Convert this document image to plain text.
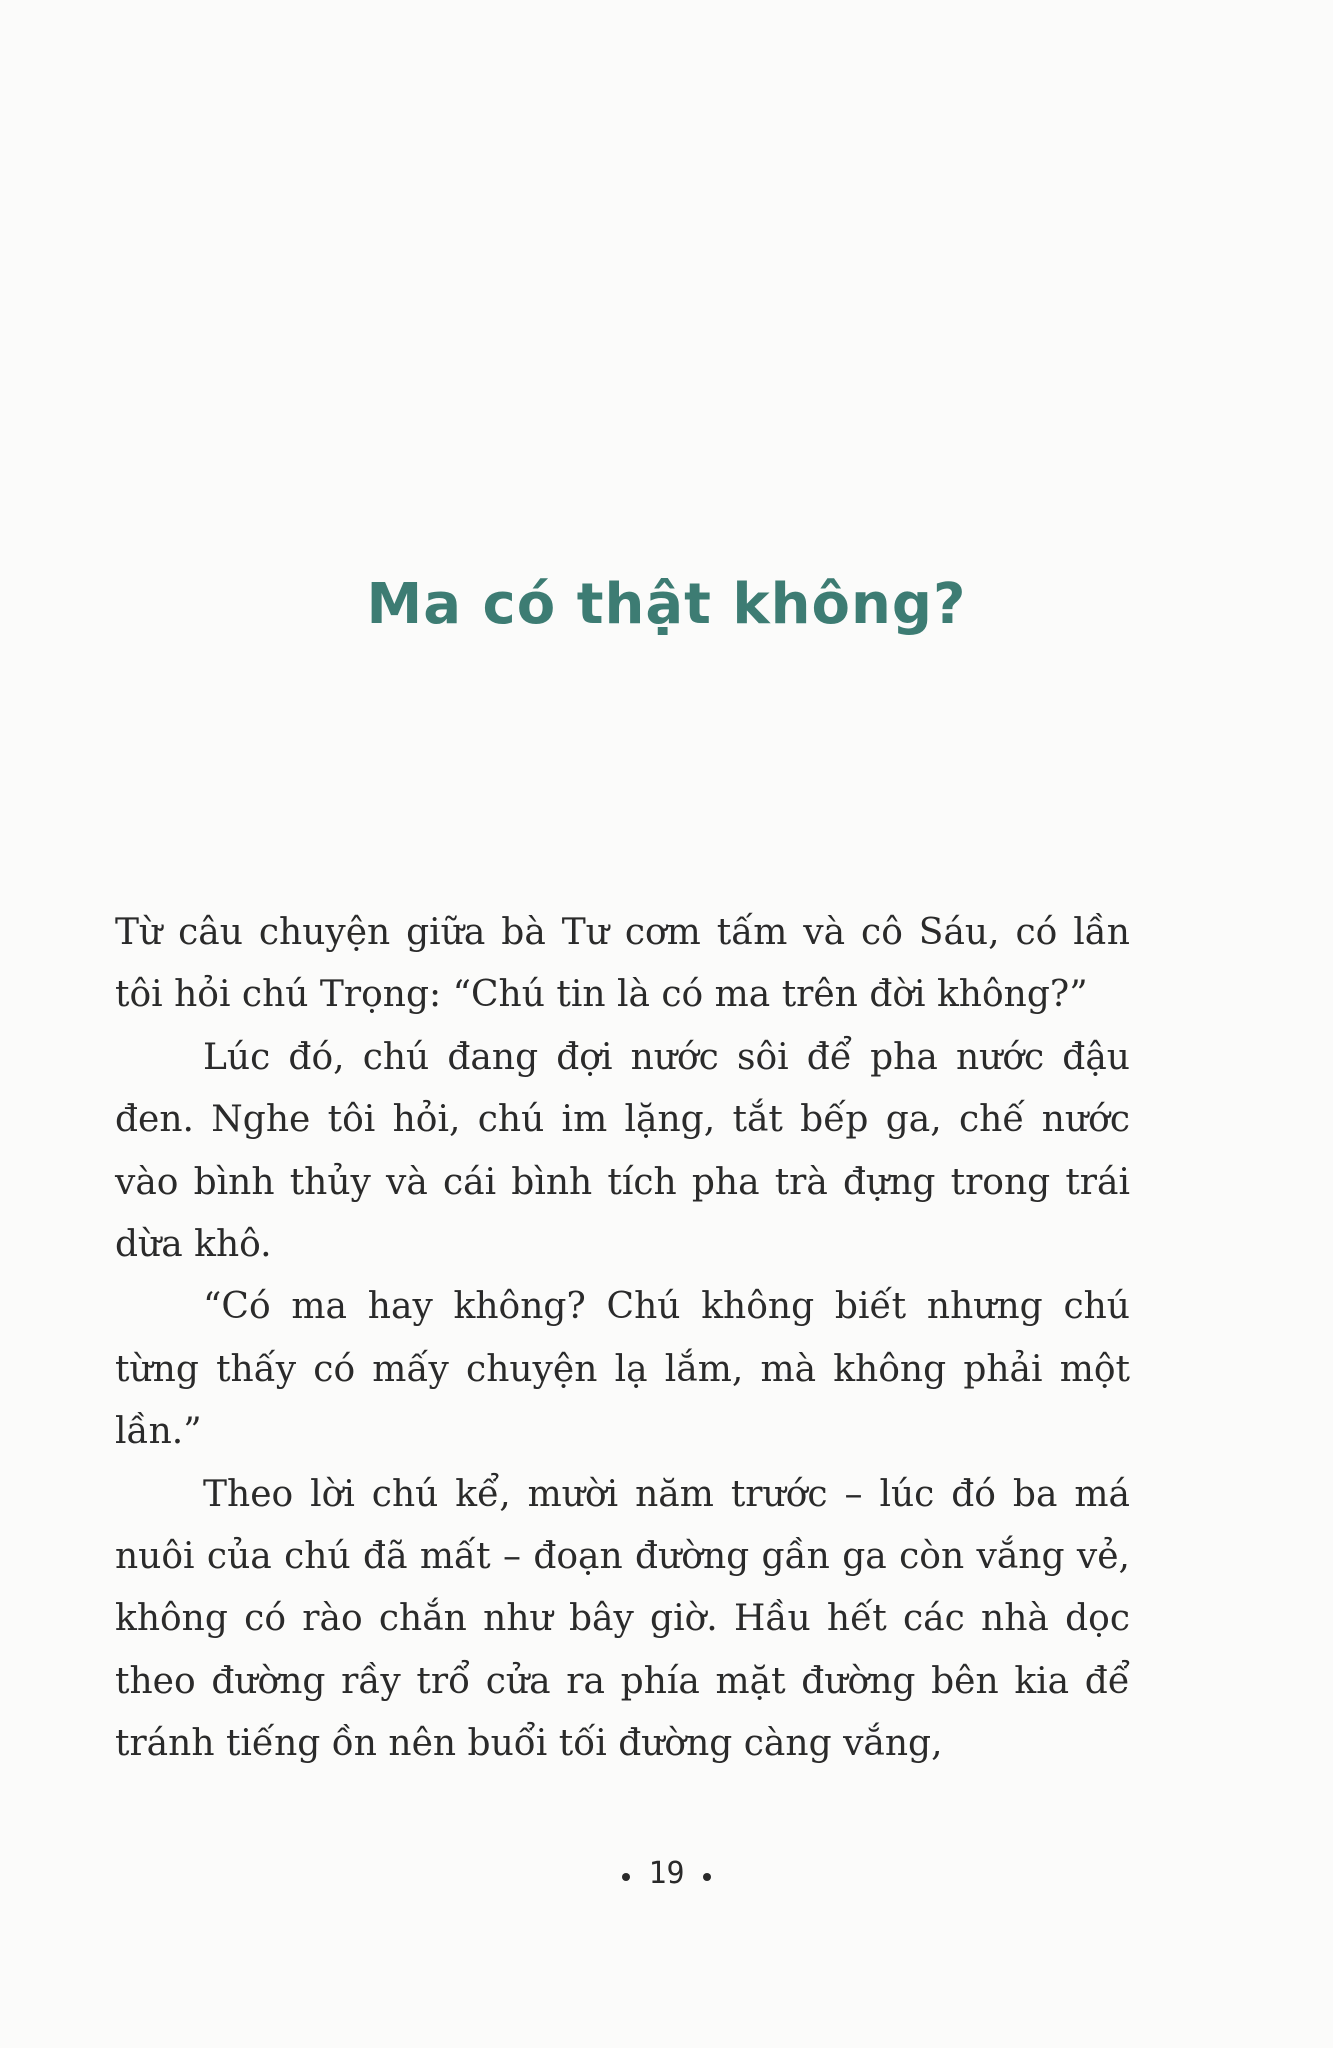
Ma có thật không?

Từ câu chuyện giữa bà Tư cơm tấm và cô Sáu, có lần tôi hỏi chú Trọng: “Chú tin là có ma trên đời không?”

Lúc đó, chú đang đợi nước sôi để pha nước đậu đen. Nghe tôi hỏi, chú im lặng, tắt bếp ga, chế nước vào bình thủy và cái bình tích pha trà đựng trong trái dừa khô.

“Có ma hay không? Chú không biết nhưng chú từng thấy có mấy chuyện lạ lắm, mà không phải một lần.”

Theo lời chú kể, mười năm trước – lúc đó ba má nuôi của chú đã mất – đoạn đường gần ga còn vắng vẻ, không có rào chắn như bây giờ. Hầu hết các nhà dọc theo đường rầy trổ cửa ra phía mặt đường bên kia để tránh tiếng ồn nên buổi tối đường càng vắng,

19
